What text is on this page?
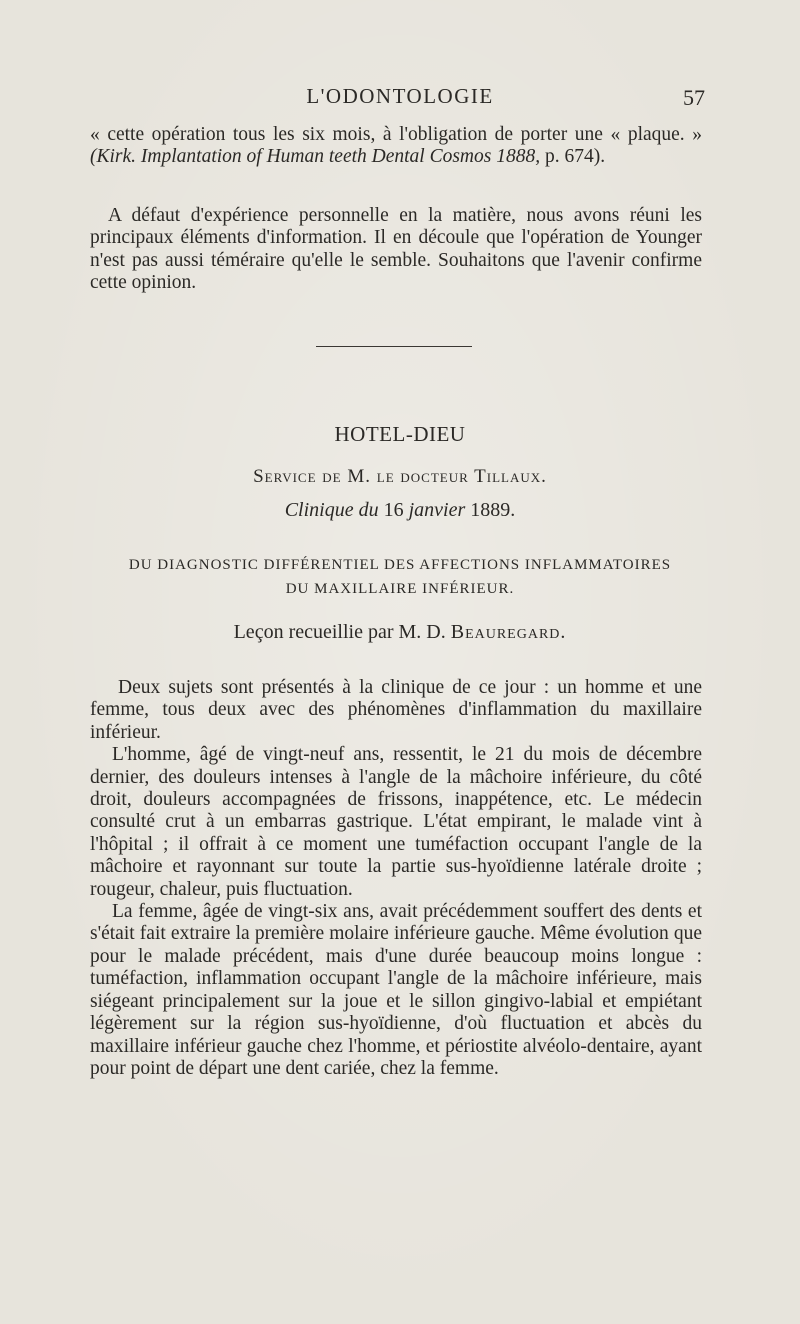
L'ODONTOLOGIE	57

« cette opération tous les six mois, à l'obligation de porter une « plaque. » (Kirk. Implantation of Human teeth Dental Cosmos 1888, p. 674).

A défaut d'expérience personnelle en la matière, nous avons réuni les principaux éléments d'information. Il en découle que l'opération de Younger n'est pas aussi téméraire qu'elle le semble. Souhaitons que l'avenir confirme cette opinion.

HOTEL-DIEU
Service de M. le docteur Tillaux.
Clinique du 16 janvier 1889.
DU DIAGNOSTIC DIFFÉRENTIEL DES AFFECTIONS INFLAMMATOIRES
DU MAXILLAIRE INFÉRIEUR.
Leçon recueillie par M. D. Beauregard.

Deux sujets sont présentés à la clinique de ce jour : un homme et une femme, tous deux avec des phénomènes d'inflammation du maxillaire inférieur.

L'homme, âgé de vingt-neuf ans, ressentit, le 21 du mois de décembre dernier, des douleurs intenses à l'angle de la mâchoire inférieure, du côté droit, douleurs accompagnées de frissons, inappétence, etc. Le médecin consulté crut à un embarras gastrique. L'état empirant, le malade vint à l'hôpital ; il offrait à ce moment une tuméfaction occupant l'angle de la mâchoire et rayonnant sur toute la partie sus-hyoïdienne latérale droite ; rougeur, chaleur, puis fluctuation.

La femme, âgée de vingt-six ans, avait précédemment souffert des dents et s'était fait extraire la première molaire inférieure gauche. Même évolution que pour le malade précédent, mais d'une durée beaucoup moins longue : tuméfaction, inflammation occupant l'angle de la mâchoire inférieure, mais siégeant principalement sur la joue et le sillon gingivo-labial et empiétant légèrement sur la région sus-hyoïdienne, d'où fluctuation et abcès du maxillaire inférieur gauche chez l'homme, et périostite alvéolo-dentaire, ayant pour point de départ une dent cariée, chez la femme.
